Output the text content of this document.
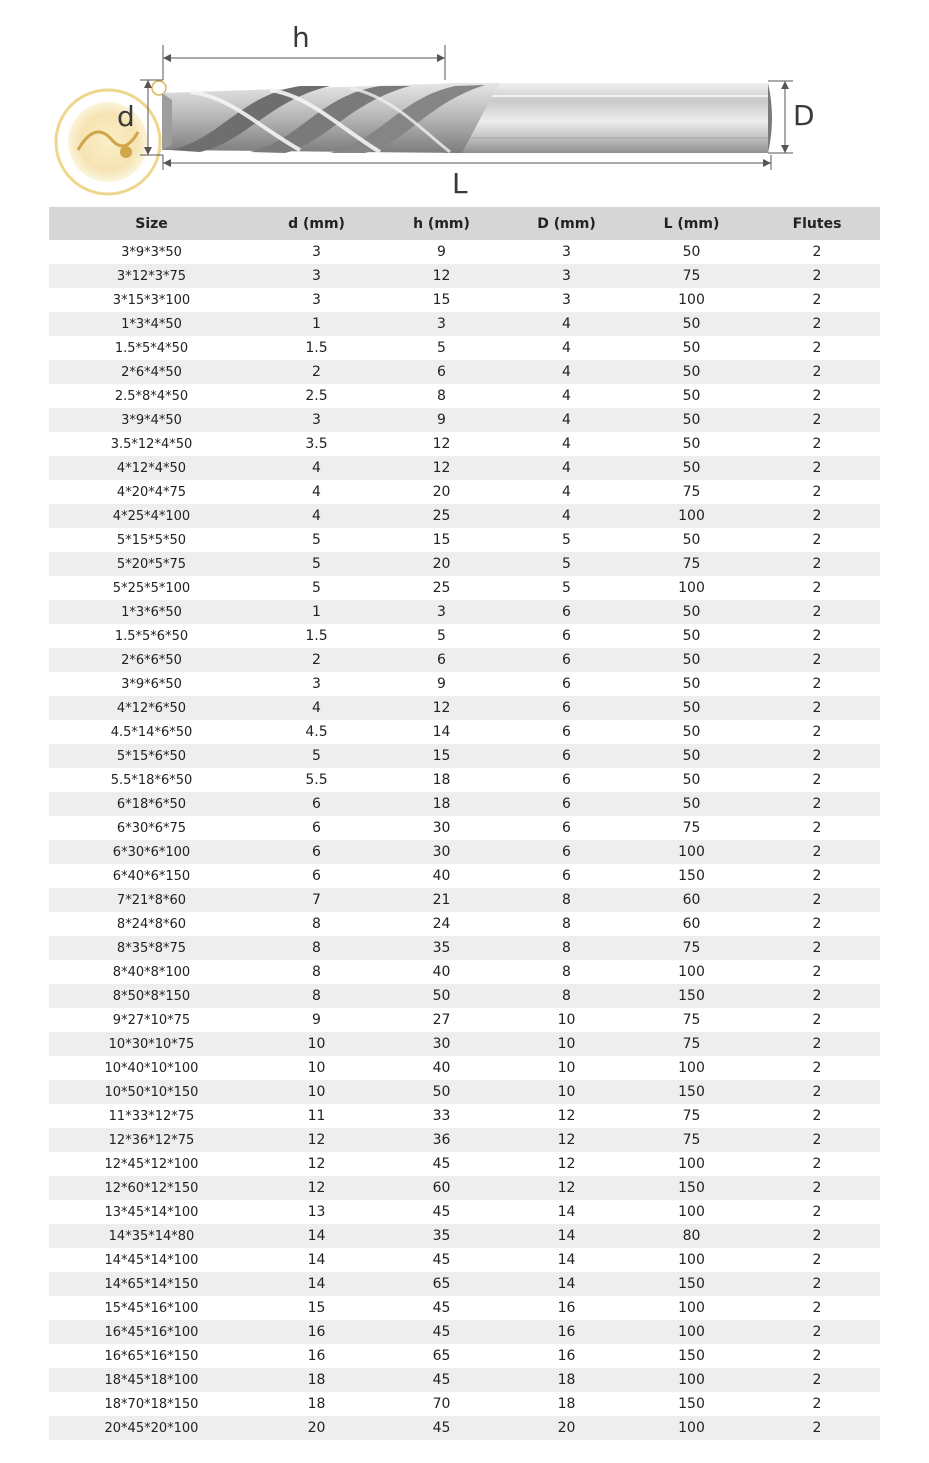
h
d	D
L
Size	d (mm)	h (mm)	D (mm)	L (mm)	Flutes
3*9*3*50	3	9	3	50	2
3*12*3*75	3	12	3	75	2
3*15*3*100	3	15	3	100	2
1*3*4*50	1	3	4	50	2
1.5*5*4*50	1.5	5	4	50	2
2*6*4*50	2	6	4	50	2
2.5*8*4*50	2.5	8	4	50	2
3*9*4*50	3	9	4	50	2
3.5*12*4*50	3.5	12	4	50	2
4*12*4*50	4	12	4	50	2
4*20*4*75	4	20	4	75	2
4*25*4*100	4	25	4	100	2
5*15*5*50	5	15	5	50	2
5*20*5*75	5	20	5	75	2
5*25*5*100	5	25	5	100	2
1*3*6*50	1	3	6	50	2
1.5*5*6*50	1.5	5	6	50	2
2*6*6*50	2	6	6	50	2
3*9*6*50	3	9	6	50	2
4*12*6*50	4	12	6	50	2
4.5*14*6*50	4.5	14	6	50	2
5*15*6*50	5	15	6	50	2
5.5*18*6*50	5.5	18	6	50	2
6*18*6*50	6	18	6	50	2
6*30*6*75	6	30	6	75	2
6*30*6*100	6	30	6	100	2
6*40*6*150	6	40	6	150	2
7*21*8*60	7	21	8	60	2
8*24*8*60	8	24	8	60	2
8*35*8*75	8	35	8	75	2
8*40*8*100	8	40	8	100	2
8*50*8*150	8	50	8	150	2
9*27*10*75	9	27	10	75	2
10*30*10*75	10	30	10	75	2
10*40*10*100	10	40	10	100	2
10*50*10*150	10	50	10	150	2
11*33*12*75	11	33	12	75	2
12*36*12*75	12	36	12	75	2
12*45*12*100	12	45	12	100	2
12*60*12*150	12	60	12	150	2
13*45*14*100	13	45	14	100	2
14*35*14*80	14	35	14	80	2
14*45*14*100	14	45	14	100	2
14*65*14*150	14	65	14	150	2
15*45*16*100	15	45	16	100	2
16*45*16*100	16	45	16	100	2
16*65*16*150	16	65	16	150	2
18*45*18*100	18	45	18	100	2
18*70*18*150	18	70	18	150	2
20*45*20*100	20	45	20	100	2
